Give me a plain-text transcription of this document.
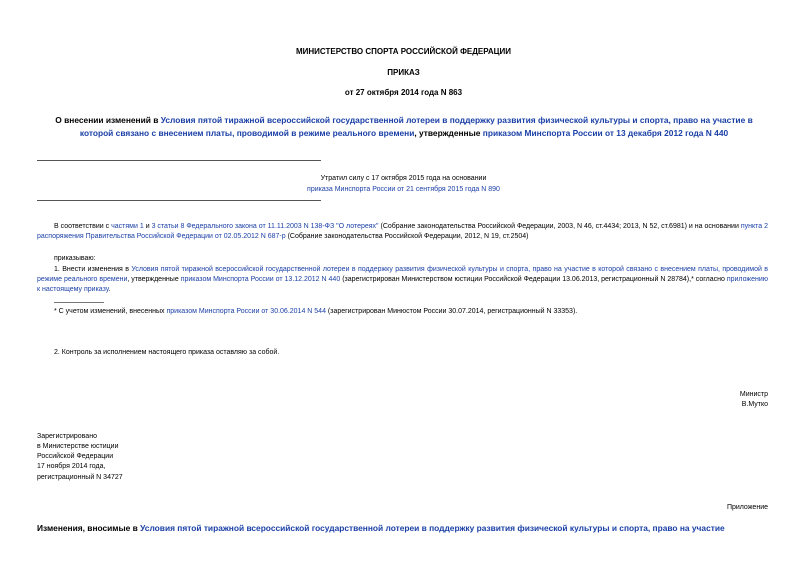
МИНИСТЕРСТВО СПОРТА РОССИЙСКОЙ ФЕДЕРАЦИИ
ПРИКАЗ
от 27 октября 2014 года N 863
О внесении изменений в Условия пятой тиражной всероссийской государственной лотереи в поддержку развития физической культуры и спорта, право на участие в которой связано с внесением платы, проводимой в режиме реального времени, утвержденные приказом Минспорта России от 13 декабря 2012 года N 440
Утратил силу с 17 октября 2015 года на основании
приказа Минспорта России от 21 сентября 2015 года N 890
В соответствии с частями 1 и 3 статьи 8 Федерального закона от 11.11.2003 N 138-ФЗ "О лотереях" (Собрание законодательства Российской Федерации, 2003, N 46, ст.4434; 2013, N 52, ст.6981) и на основании пункта 2 распоряжения Правительства Российской Федерации от 02.05.2012 N 687-р (Собрание законодательства Российской Федерации, 2012, N 19, ст.2504)
приказываю:
1. Внести изменения в Условия пятой тиражной всероссийской государственной лотереи в поддержку развития физической культуры и спорта, право на участие в которой связано с внесением платы, проводимой в режиме реального времени, утвержденные приказом Минспорта России от 13.12.2012 N 440 (зарегистрирован Министерством юстиции Российской Федерации 13.06.2013, регистрационный N 28784),* согласно приложению к настоящему приказу.
* С учетом изменений, внесенных приказом Минспорта России от 30.06.2014 N 544 (зарегистрирован Минюстом России 30.07.2014, регистрационный N 33353).
2. Контроль за исполнением настоящего приказа оставляю за собой.
Министр
В.Мутко
Зарегистрировано
в Министерстве юстиции
Российской Федерации
17 ноября 2014 года,
регистрационный N 34727
Приложение
Изменения, вносимые в Условия пятой тиражной всероссийской государственной лотереи в поддержку развития физической культуры и спорта, право на участие
